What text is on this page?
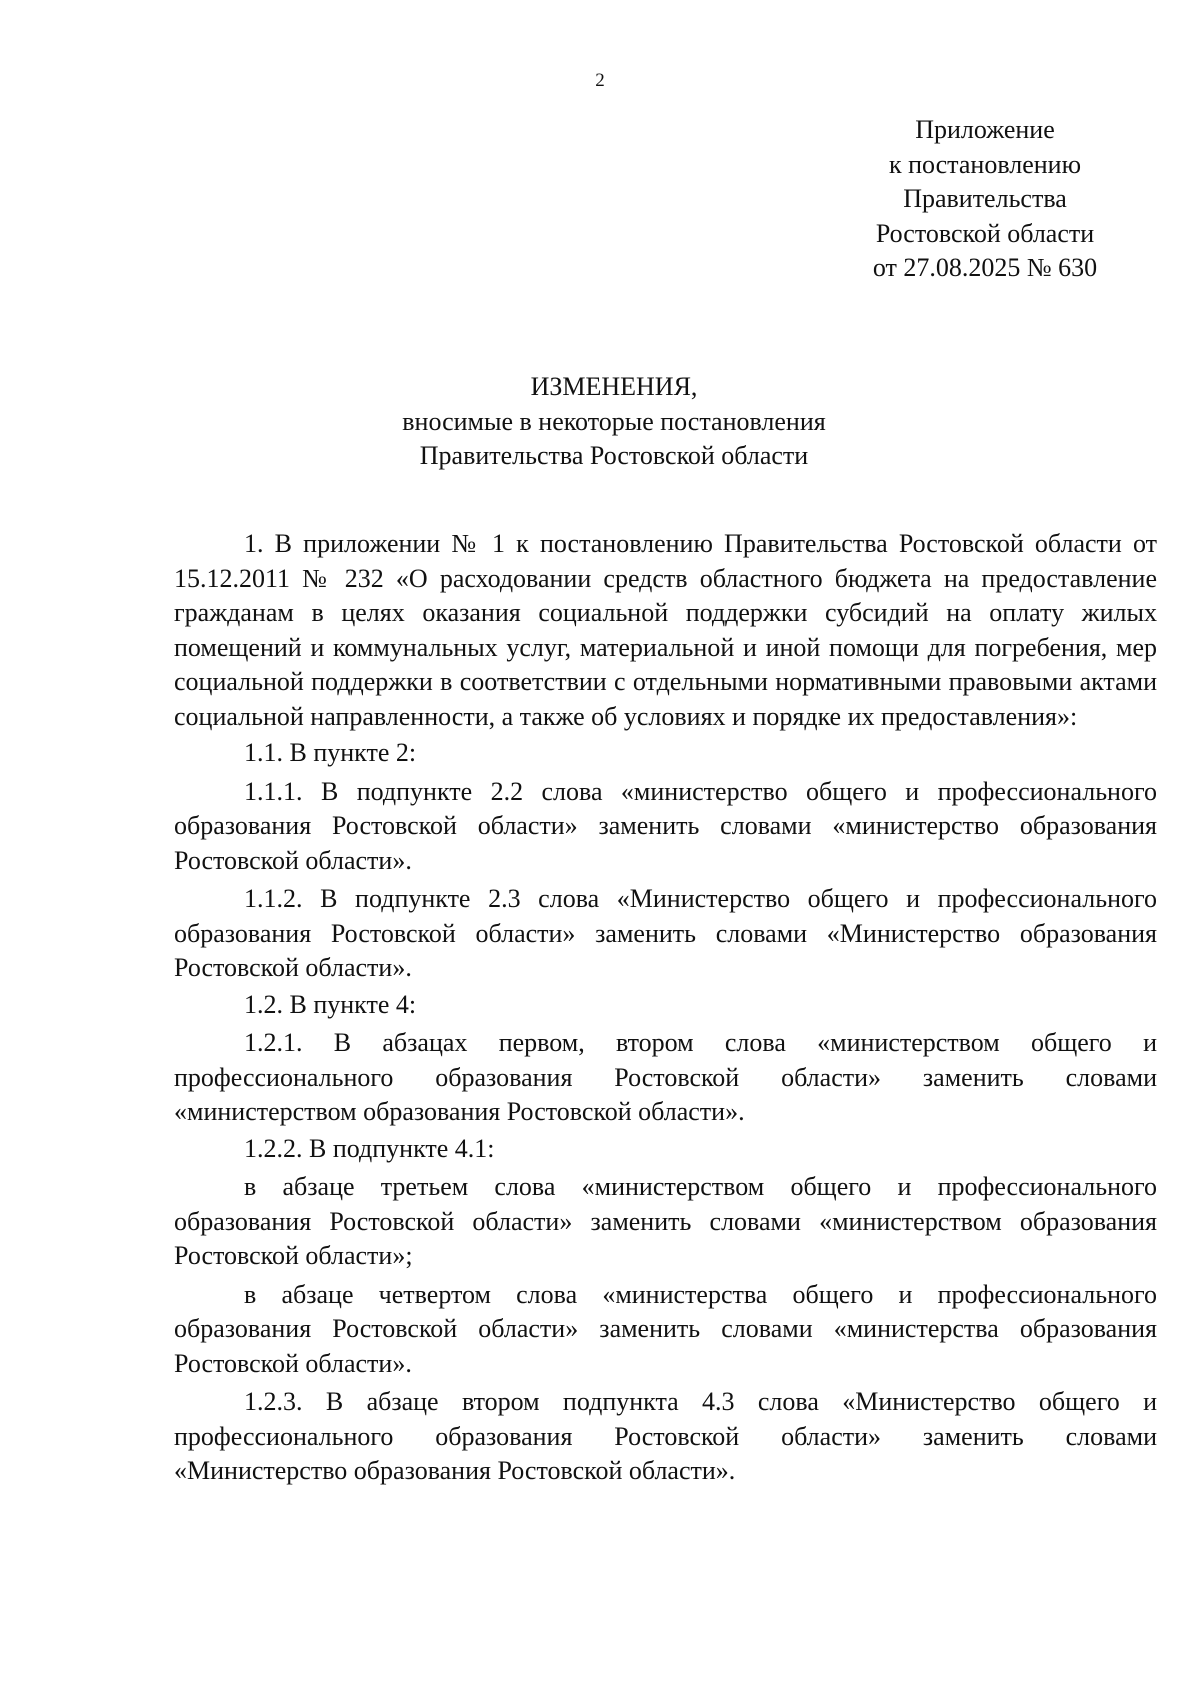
2
Приложение
к постановлению
Правительства
Ростовской области
от 27.08.2025 № 630
ИЗМЕНЕНИЯ,
вносимые в некоторые постановления
Правительства Ростовской области

1. В приложении № 1 к постановлению Правительства Ростовской области от 15.12.2011 № 232 «О расходовании средств областного бюджета на предоставление гражданам в целях оказания социальной поддержки субсидий на оплату жилых помещений и коммунальных услуг, материальной и иной помощи для погребения, мер социальной поддержки в соответствии с отдельными нормативными правовыми актами социальной направленности, а также об условиях и порядке их предоставления»:

1.1. В пункте 2:

1.1.1. В подпункте 2.2 слова «министерство общего и профессионального образования Ростовской области» заменить словами «министерство образования Ростовской области».

1.1.2. В подпункте 2.3 слова «Министерство общего и профессионального образования Ростовской области» заменить словами «Министерство образования Ростовской области».

1.2. В пункте 4:

1.2.1. В абзацах первом, втором слова «министерством общего и профессионального образования Ростовской области» заменить словами «министерством образования Ростовской области».

1.2.2. В подпункте 4.1:

в абзаце третьем слова «министерством общего и профессионального образования Ростовской области» заменить словами «министерством образования Ростовской области»;

в абзаце четвертом слова «министерства общего и профессионального образования Ростовской области» заменить словами «министерства образования Ростовской области».

1.2.3. В абзаце втором подпункта 4.3 слова «Министерство общего и профессионального образования Ростовской области» заменить словами «Министерство образования Ростовской области».
